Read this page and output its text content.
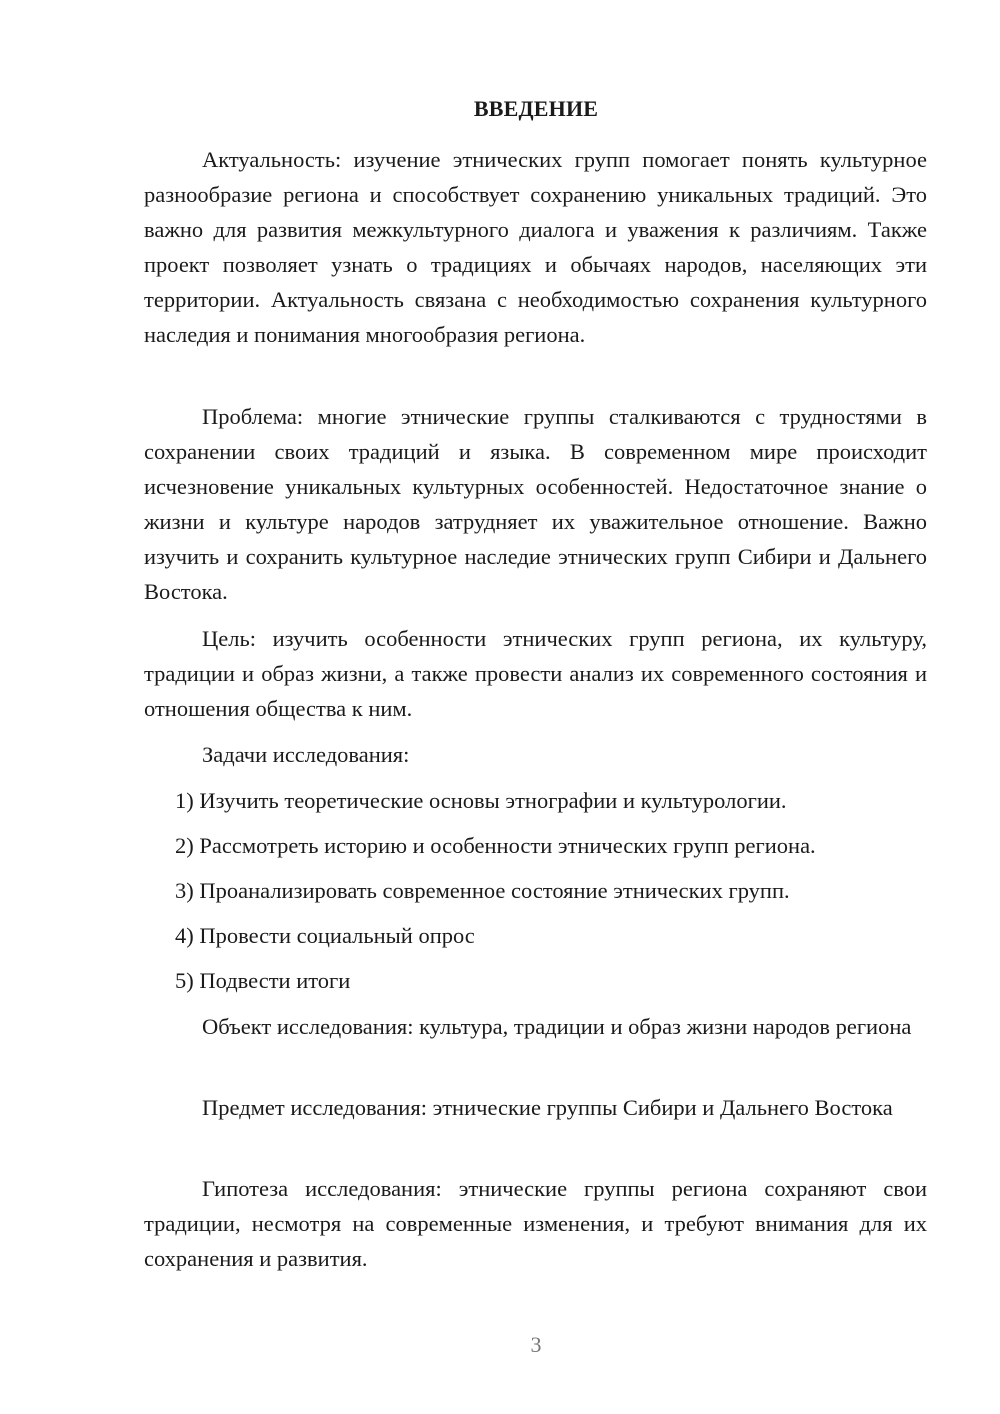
ВВЕДЕНИЕ

Актуальность: изучение этнических групп помогает понять культурное разнообразие региона и способствует сохранению уникальных традиций. Это важно для развития межкультурного диалога и уважения к различиям. Также проект позволяет узнать о традициях и обычаях народов, населяющих эти территории. Актуальность связана с необходимостью сохранения культурного наследия и понимания многообразия региона.

Проблема: многие этнические группы сталкиваются с трудностями в сохранении своих традиций и языка. В современном мире происходит исчезновение уникальных культурных особенностей. Недостаточное знание о жизни и культуре народов затрудняет их уважительное отношение. Важно изучить и сохранить культурное наследие этнических групп Сибири и Дальнего Востока.

Цель: изучить особенности этнических групп региона, их культуру, традиции и образ жизни, а также провести анализ их современного состояния и отношения общества к ним.

Задачи исследования:

1) Изучить теоретические основы этнографии и культурологии.

2) Рассмотреть историю и особенности этнических групп региона.

3) Проанализировать современное состояние этнических групп.

4) Провести социальный опрос

5) Подвести итоги

Объект исследования: культура, традиции и образ жизни народов региона

Предмет исследования: этнические группы Сибири и Дальнего Востока

Гипотеза исследования: этнические группы региона сохраняют свои традиции, несмотря на современные изменения, и требуют внимания для их сохранения и развития.

3
